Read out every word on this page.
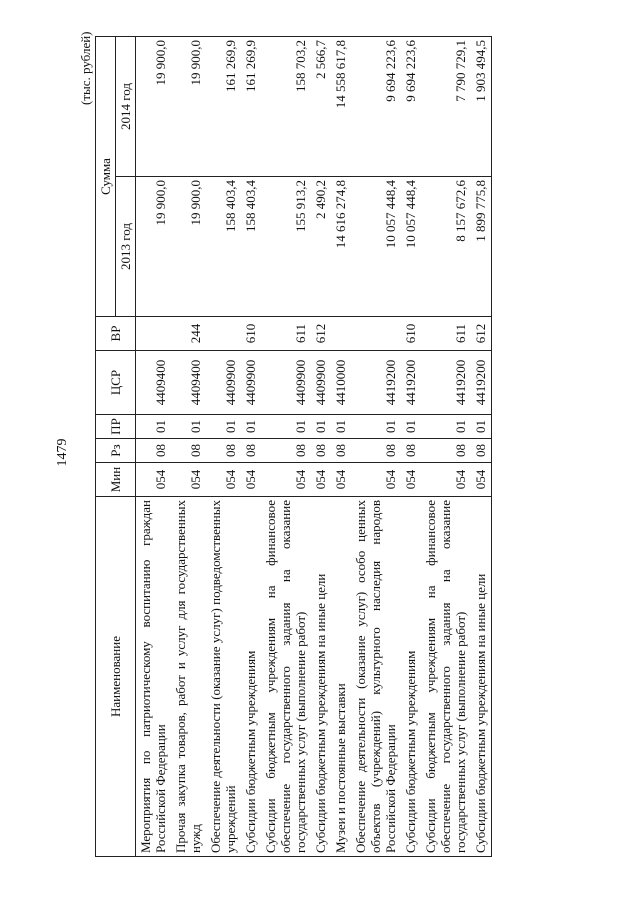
1479
(тыс. рублей)
Наименование	Мин	Рз	ПР	ЦСР	ВР	Сумма	
						2013 год	2014 год
Мероприятия по патриотическому воспитанию граждан Российской Федерации	054	08	01	4409400		19 900,0	19 900,0
Прочая закупка товаров, работ и услуг для государственных нужд	054	08	01	4409400	244	19 900,0	19 900,0
Обеспечение деятельности (оказание услуг) подведомственных учреждений	054	08	01	4409900		158 403,4	161 269,9
Субсидии бюджетным учреждениям	054	08	01	4409900	610	158 403,4	161 269,9
Субсидии бюджетным учреждениям на финансовое обеспечение государственного задания на оказание государственных услуг (выполнение работ)	054	08	01	4409900	611	155 913,2	158 703,2
Субсидии бюджетным учреждениям на иные цели	054	08	01	4409900	612	2 490,2	2 566,7
Музеи и постоянные выставки	054	08	01	4410000		14 616 274,8	14 558 617,8
Обеспечение деятельности (оказание услуг) особо ценных объектов (учреждений) культурного наследия народов Российской Федерации	054	08	01	4419200		10 057 448,4	9 694 223,6
Субсидии бюджетным учреждениям	054	08	01	4419200	610	10 057 448,4	9 694 223,6
Субсидии бюджетным учреждениям на финансовое обеспечение государственного задания на оказание государственных услуг (выполнение работ)	054	08	01	4419200	611	8 157 672,6	7 790 729,1
Субсидии бюджетным учреждениям на иные цели	054	08	01	4419200	612	1 899 775,8	1 903 494,5
